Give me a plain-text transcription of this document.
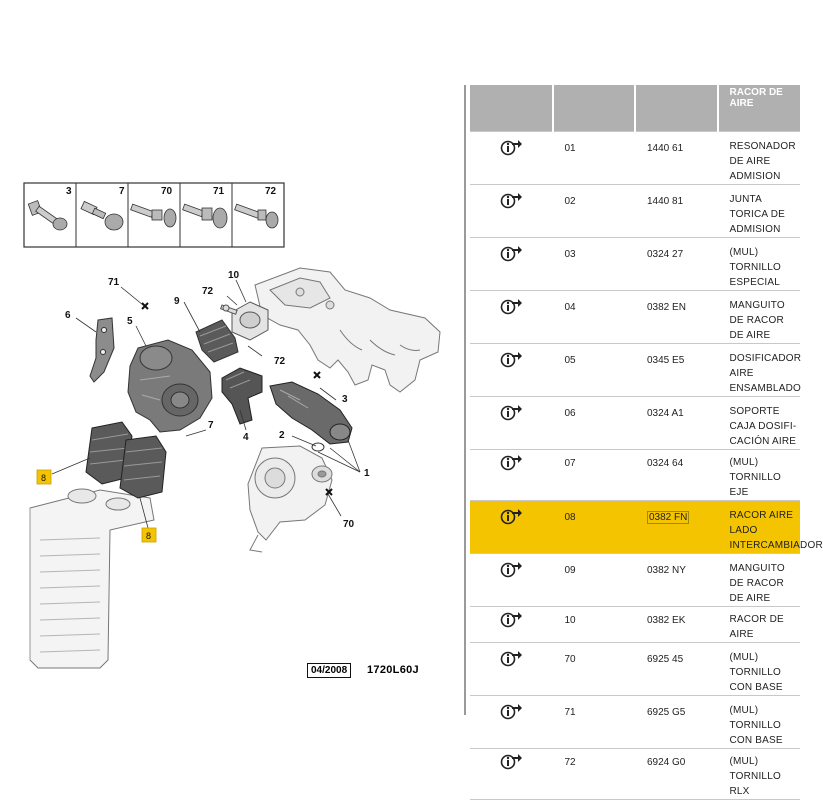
3	7	70	71	72
71
72
10
9
6
5
72
3
4
7
2
1
70
8
8
04/2008	1720L60J

			RACOR DE AIRE

	01	1440 61	RESONADOR DE AIRE ADMISION
	02	1440 81	JUNTA TORICA DE ADMISION
	03	0324 27	(MUL) TORNILLO ESPECIAL
	04	0382 EN	MANGUITO DE RACOR DE AIRE
	05	0345 E5	DOSIFICADOR AIRE ENSAMBLADO
	06	0324 A1	SOPORTE CAJA DOSIFI- CACIÓN AIRE
	07	0324 64	(MUL) TORNILLO EJE
	08	0382 FN	RACOR AIRE LADO INTERCAMBIADOR
	09	0382 NY	MANGUITO DE RACOR DE AIRE
	10	0382 EK	RACOR DE AIRE
	70	6925 45	(MUL) TORNILLO CON BASE
	71	6925 G5	(MUL) TORNILLO CON BASE
	72	6924 G0	(MUL) TORNILLO RLX
